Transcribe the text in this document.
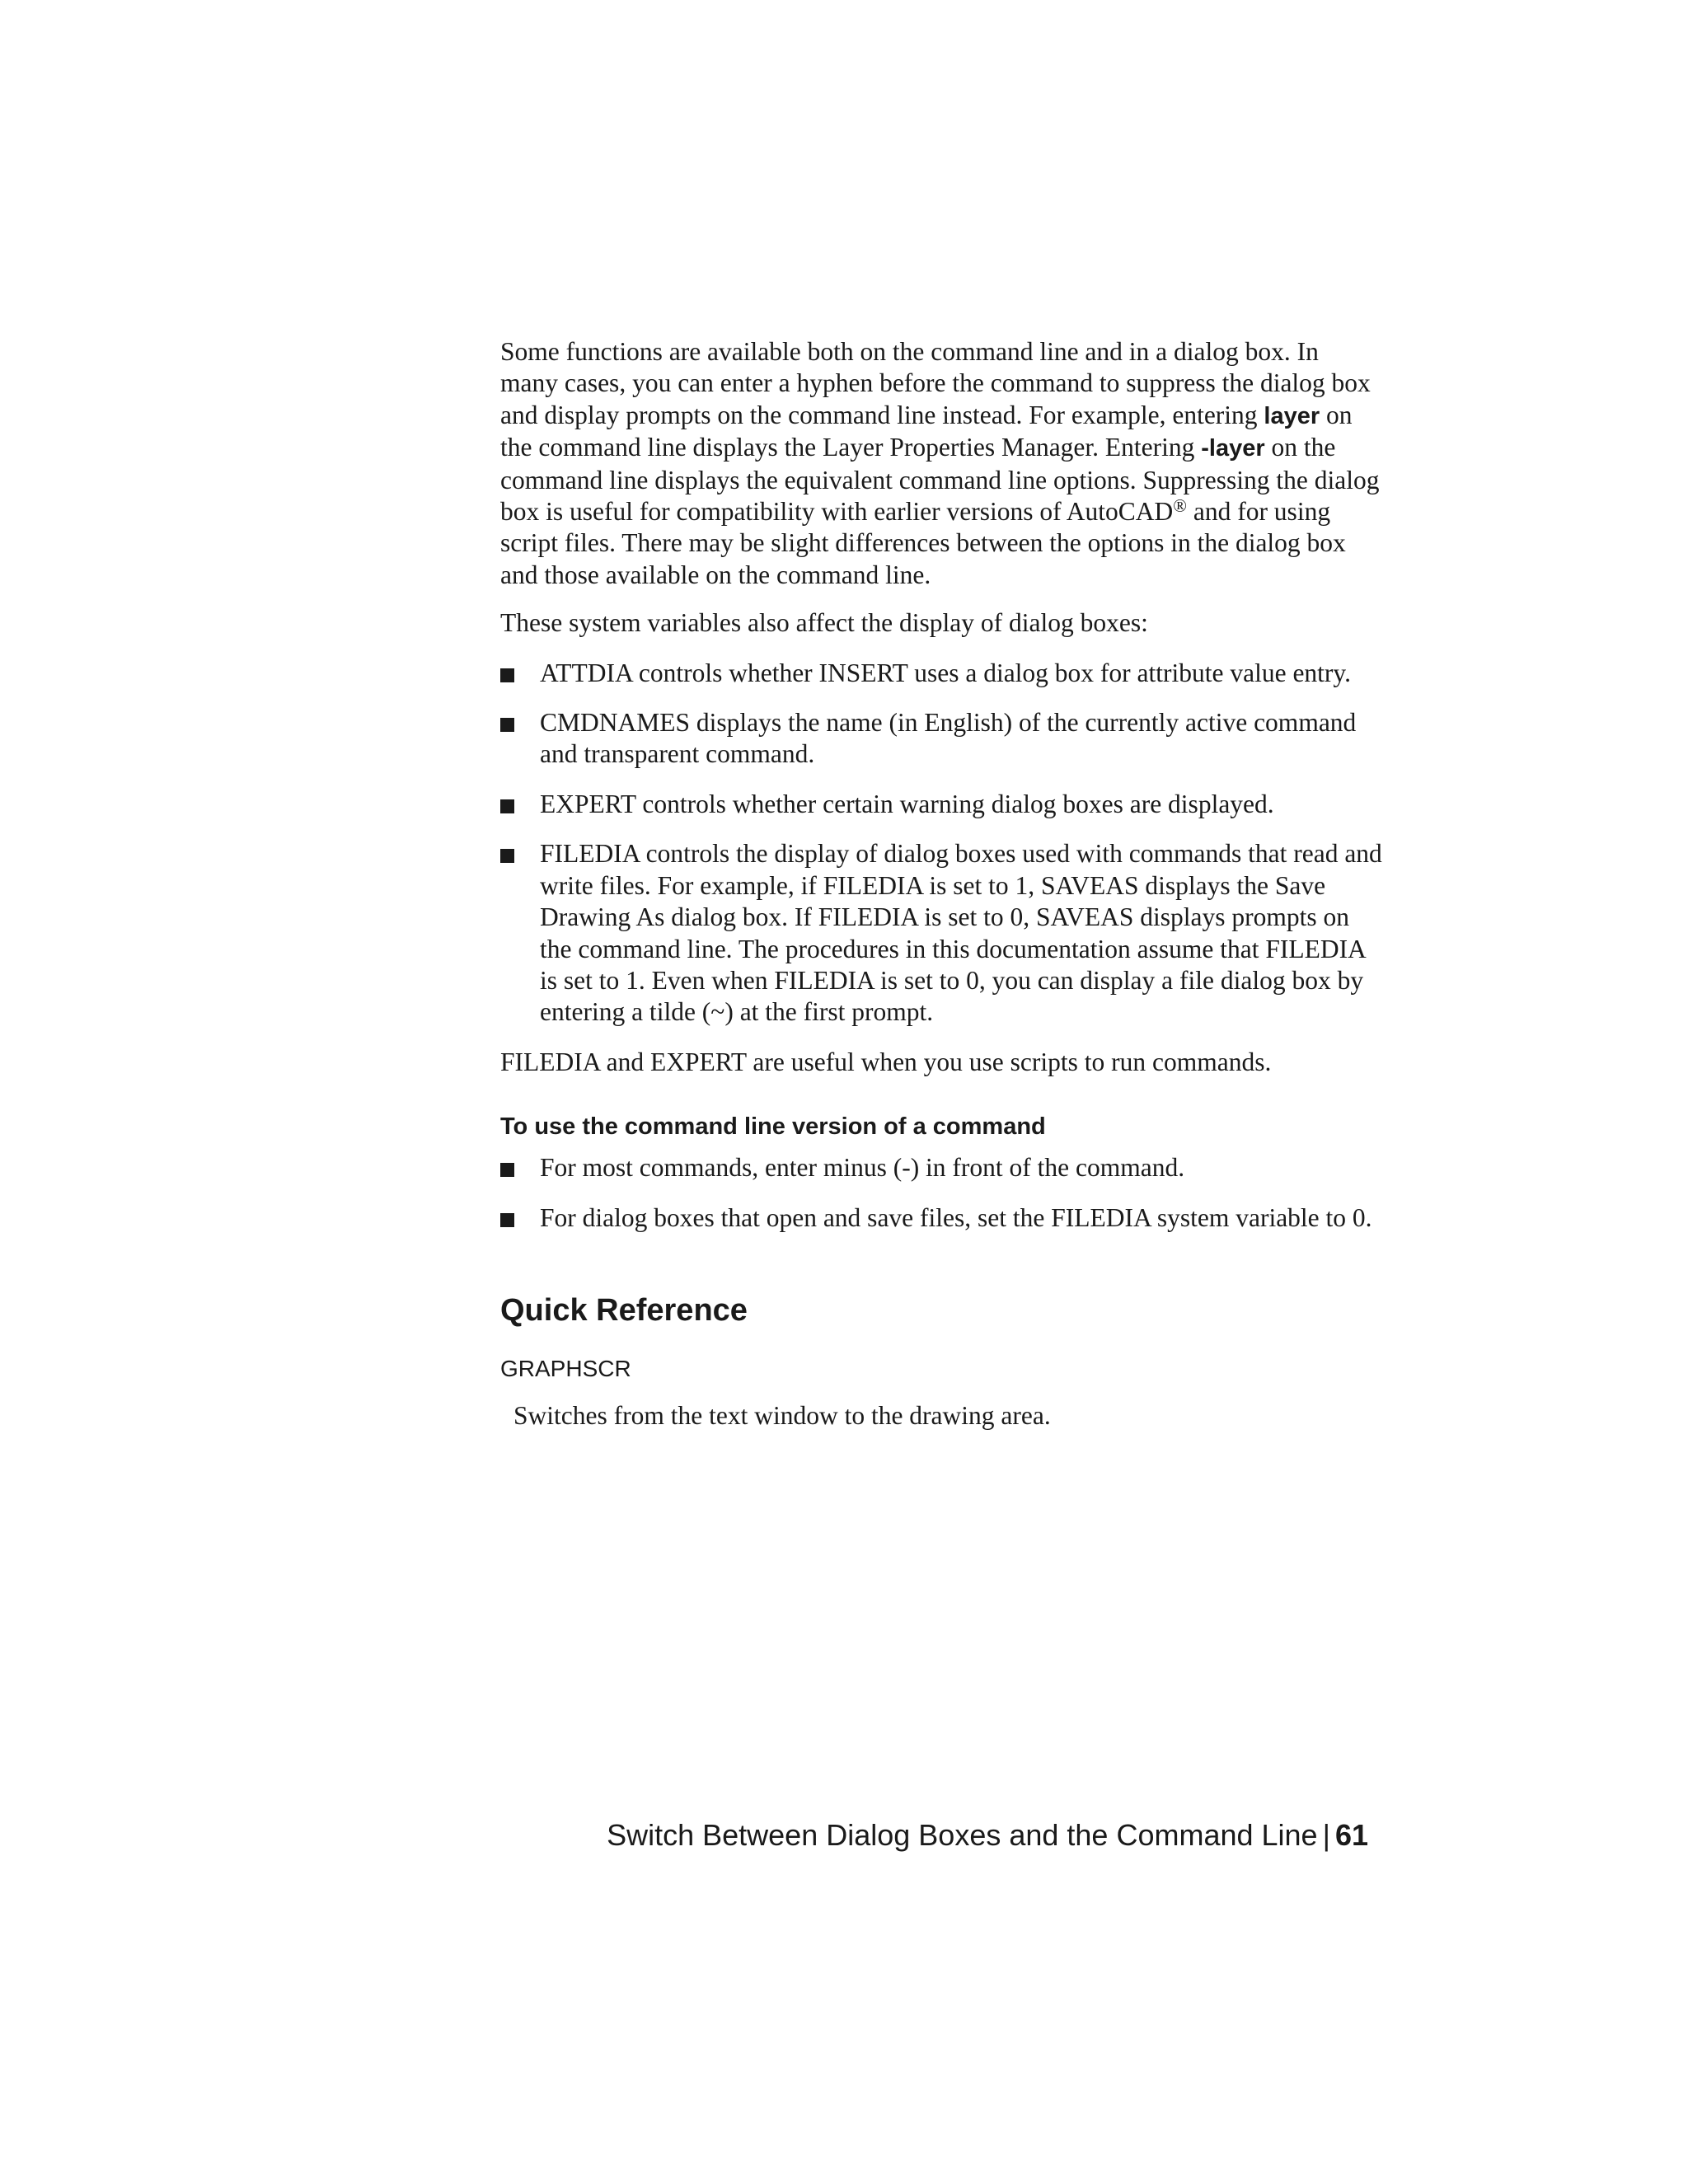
Some functions are available both on the command line and in a dialog box. In many cases, you can enter a hyphen before the command to suppress the dialog box and display prompts on the command line instead. For example, entering layer on the command line displays the Layer Properties Manager. Entering -layer on the command line displays the equivalent command line options. Suppressing the dialog box is useful for compatibility with earlier versions of AutoCAD® and for using script files. There may be slight differences between the options in the dialog box and those available on the command line.

These system variables also affect the display of dialog boxes:

ATTDIA controls whether INSERT uses a dialog box for attribute value entry.
CMDNAMES displays the name (in English) of the currently active command and transparent command.
EXPERT controls whether certain warning dialog boxes are displayed.
FILEDIA controls the display of dialog boxes used with commands that read and write files. For example, if FILEDIA is set to 1, SAVEAS displays the Save Drawing As dialog box. If FILEDIA is set to 0, SAVEAS displays prompts on the command line. The procedures in this documentation assume that FILEDIA is set to 1. Even when FILEDIA is set to 0, you can display a file dialog box by entering a tilde (~) at the first prompt.

FILEDIA and EXPERT are useful when you use scripts to run commands.

To use the command line version of a command
For most commands, enter minus (-) in front of the command.
For dialog boxes that open and save files, set the FILEDIA system variable to 0.
Quick Reference
GRAPHSCR

Switches from the text window to the drawing area.

Switch Between Dialog Boxes and the Command Line | 61
